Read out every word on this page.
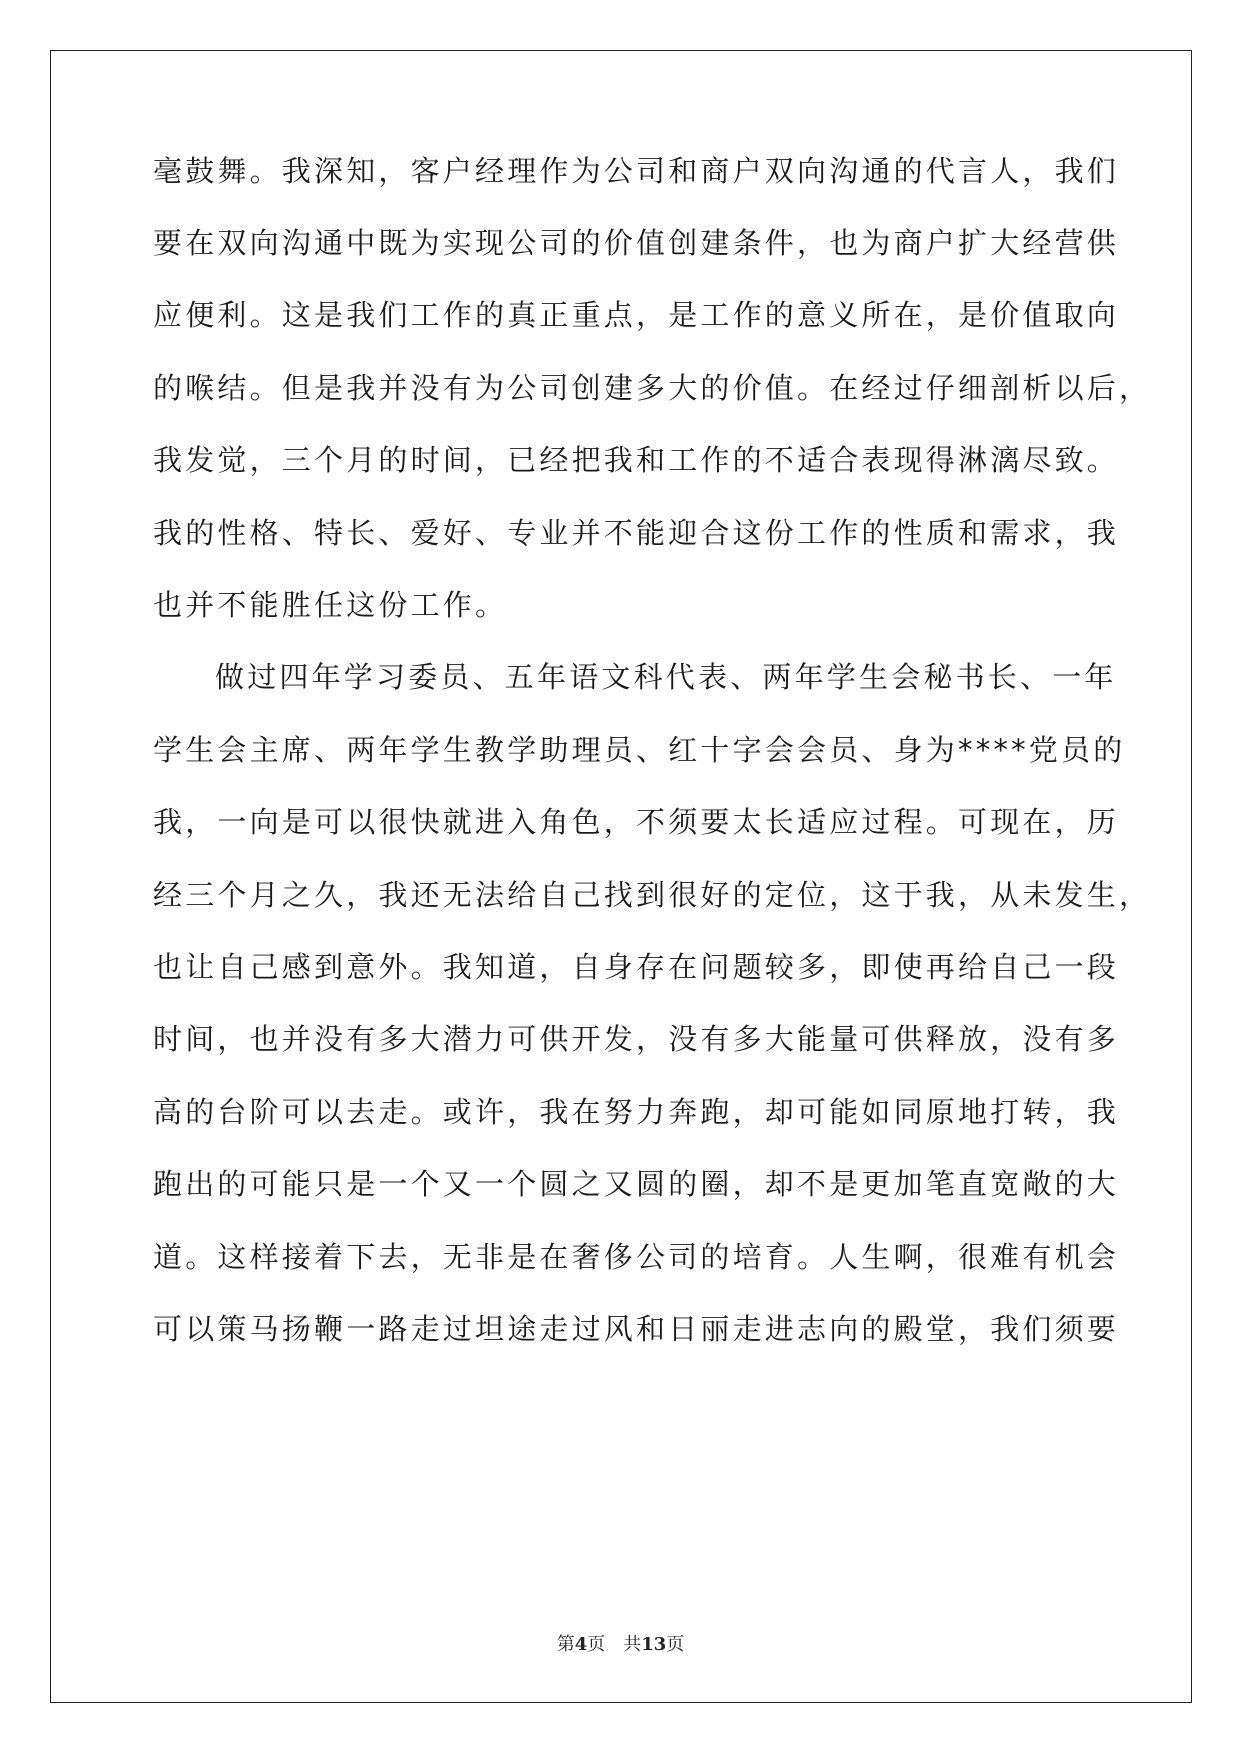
毫鼓舞。我深知，客户经理作为公司和商户双向沟通的代言人，我们
要在双向沟通中既为实现公司的价值创建条件，也为商户扩大经营供
应便利。这是我们工作的真正重点，是工作的意义所在，是价值取向
的喉结。但是我并没有为公司创建多大的价值。在经过仔细剖析以后，
我发觉，三个月的时间，已经把我和工作的不适合表现得淋漓尽致。
我的性格、特长、爱好、专业并不能迎合这份工作的性质和需求，我
也并不能胜任这份工作。
做过四年学习委员、五年语文科代表、两年学生会秘书长、一年
学生会主席、两年学生教学助理员、红十字会会员、身为****党员的
我，一向是可以很快就进入角色，不须要太长适应过程。可现在，历
经三个月之久，我还无法给自己找到很好的定位，这于我，从未发生，
也让自己感到意外。我知道，自身存在问题较多，即使再给自己一段
时间，也并没有多大潜力可供开发，没有多大能量可供释放，没有多
高的台阶可以去走。或许，我在努力奔跑，却可能如同原地打转，我
跑出的可能只是一个又一个圆之又圆的圈，却不是更加笔直宽敞的大
道。这样接着下去，无非是在奢侈公司的培育。人生啊，很难有机会
可以策马扬鞭一路走过坦途走过风和日丽走进志向的殿堂，我们须要
第4页 共13页
